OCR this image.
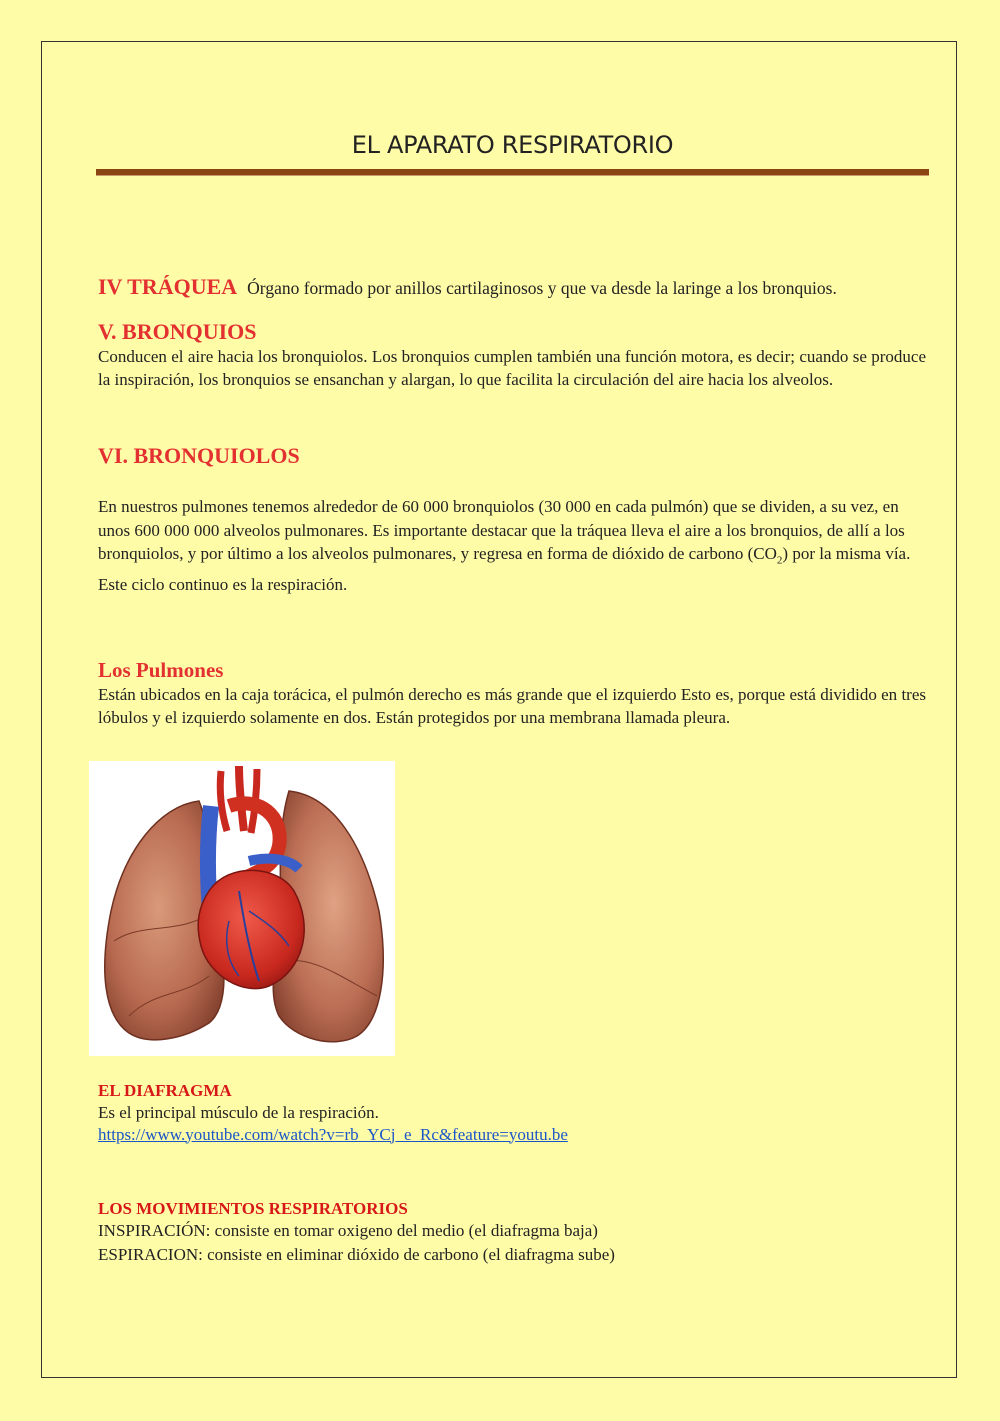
EL APARATO RESPIRATORIO
IV TRÁQUEA Órgano formado por anillos cartilaginosos y que va desde la laringe a los bronquios.
V. BRONQUIOS
Conducen el aire hacia los bronquiolos. Los bronquios cumplen también una función motora, es decir; cuando se produce la inspiración, los bronquios se ensanchan y alargan, lo que facilita la circulación del aire hacia los alveolos.
VI. BRONQUIOLOS
En nuestros pulmones tenemos alrededor de 60 000 bronquiolos (30 000 en cada pulmón) que se dividen, a su vez, en unos 600 000 000 alveolos pulmonares. Es importante destacar que la tráquea lleva el aire a los bronquios, de allí a los bronquiolos, y por último a los alveolos pulmonares, y regresa en forma de dióxido de carbono $(CO_2)$ por la misma vía. Este ciclo continuo es la respiración.
Los Pulmones
Están ubicados en la caja torácica, el pulmón derecho es más grande que el izquierdo Esto es, porque está dividido en tres lóbulos y el izquierdo solamente en dos. Están protegidos por una membrana llamada pleura.
EL DIAFRAGMA
Es el principal músculo de la respiración.
https://www.youtube.com/watch?v=rb_YCj_e_Rc&feature=youtu.be
LOS MOVIMIENTOS RESPIRATORIOS
INSPIRACIÓN: consiste en tomar oxigeno del medio (el diafragma baja)
ESPIRACION: consiste en eliminar dióxido de carbono (el diafragma sube)
